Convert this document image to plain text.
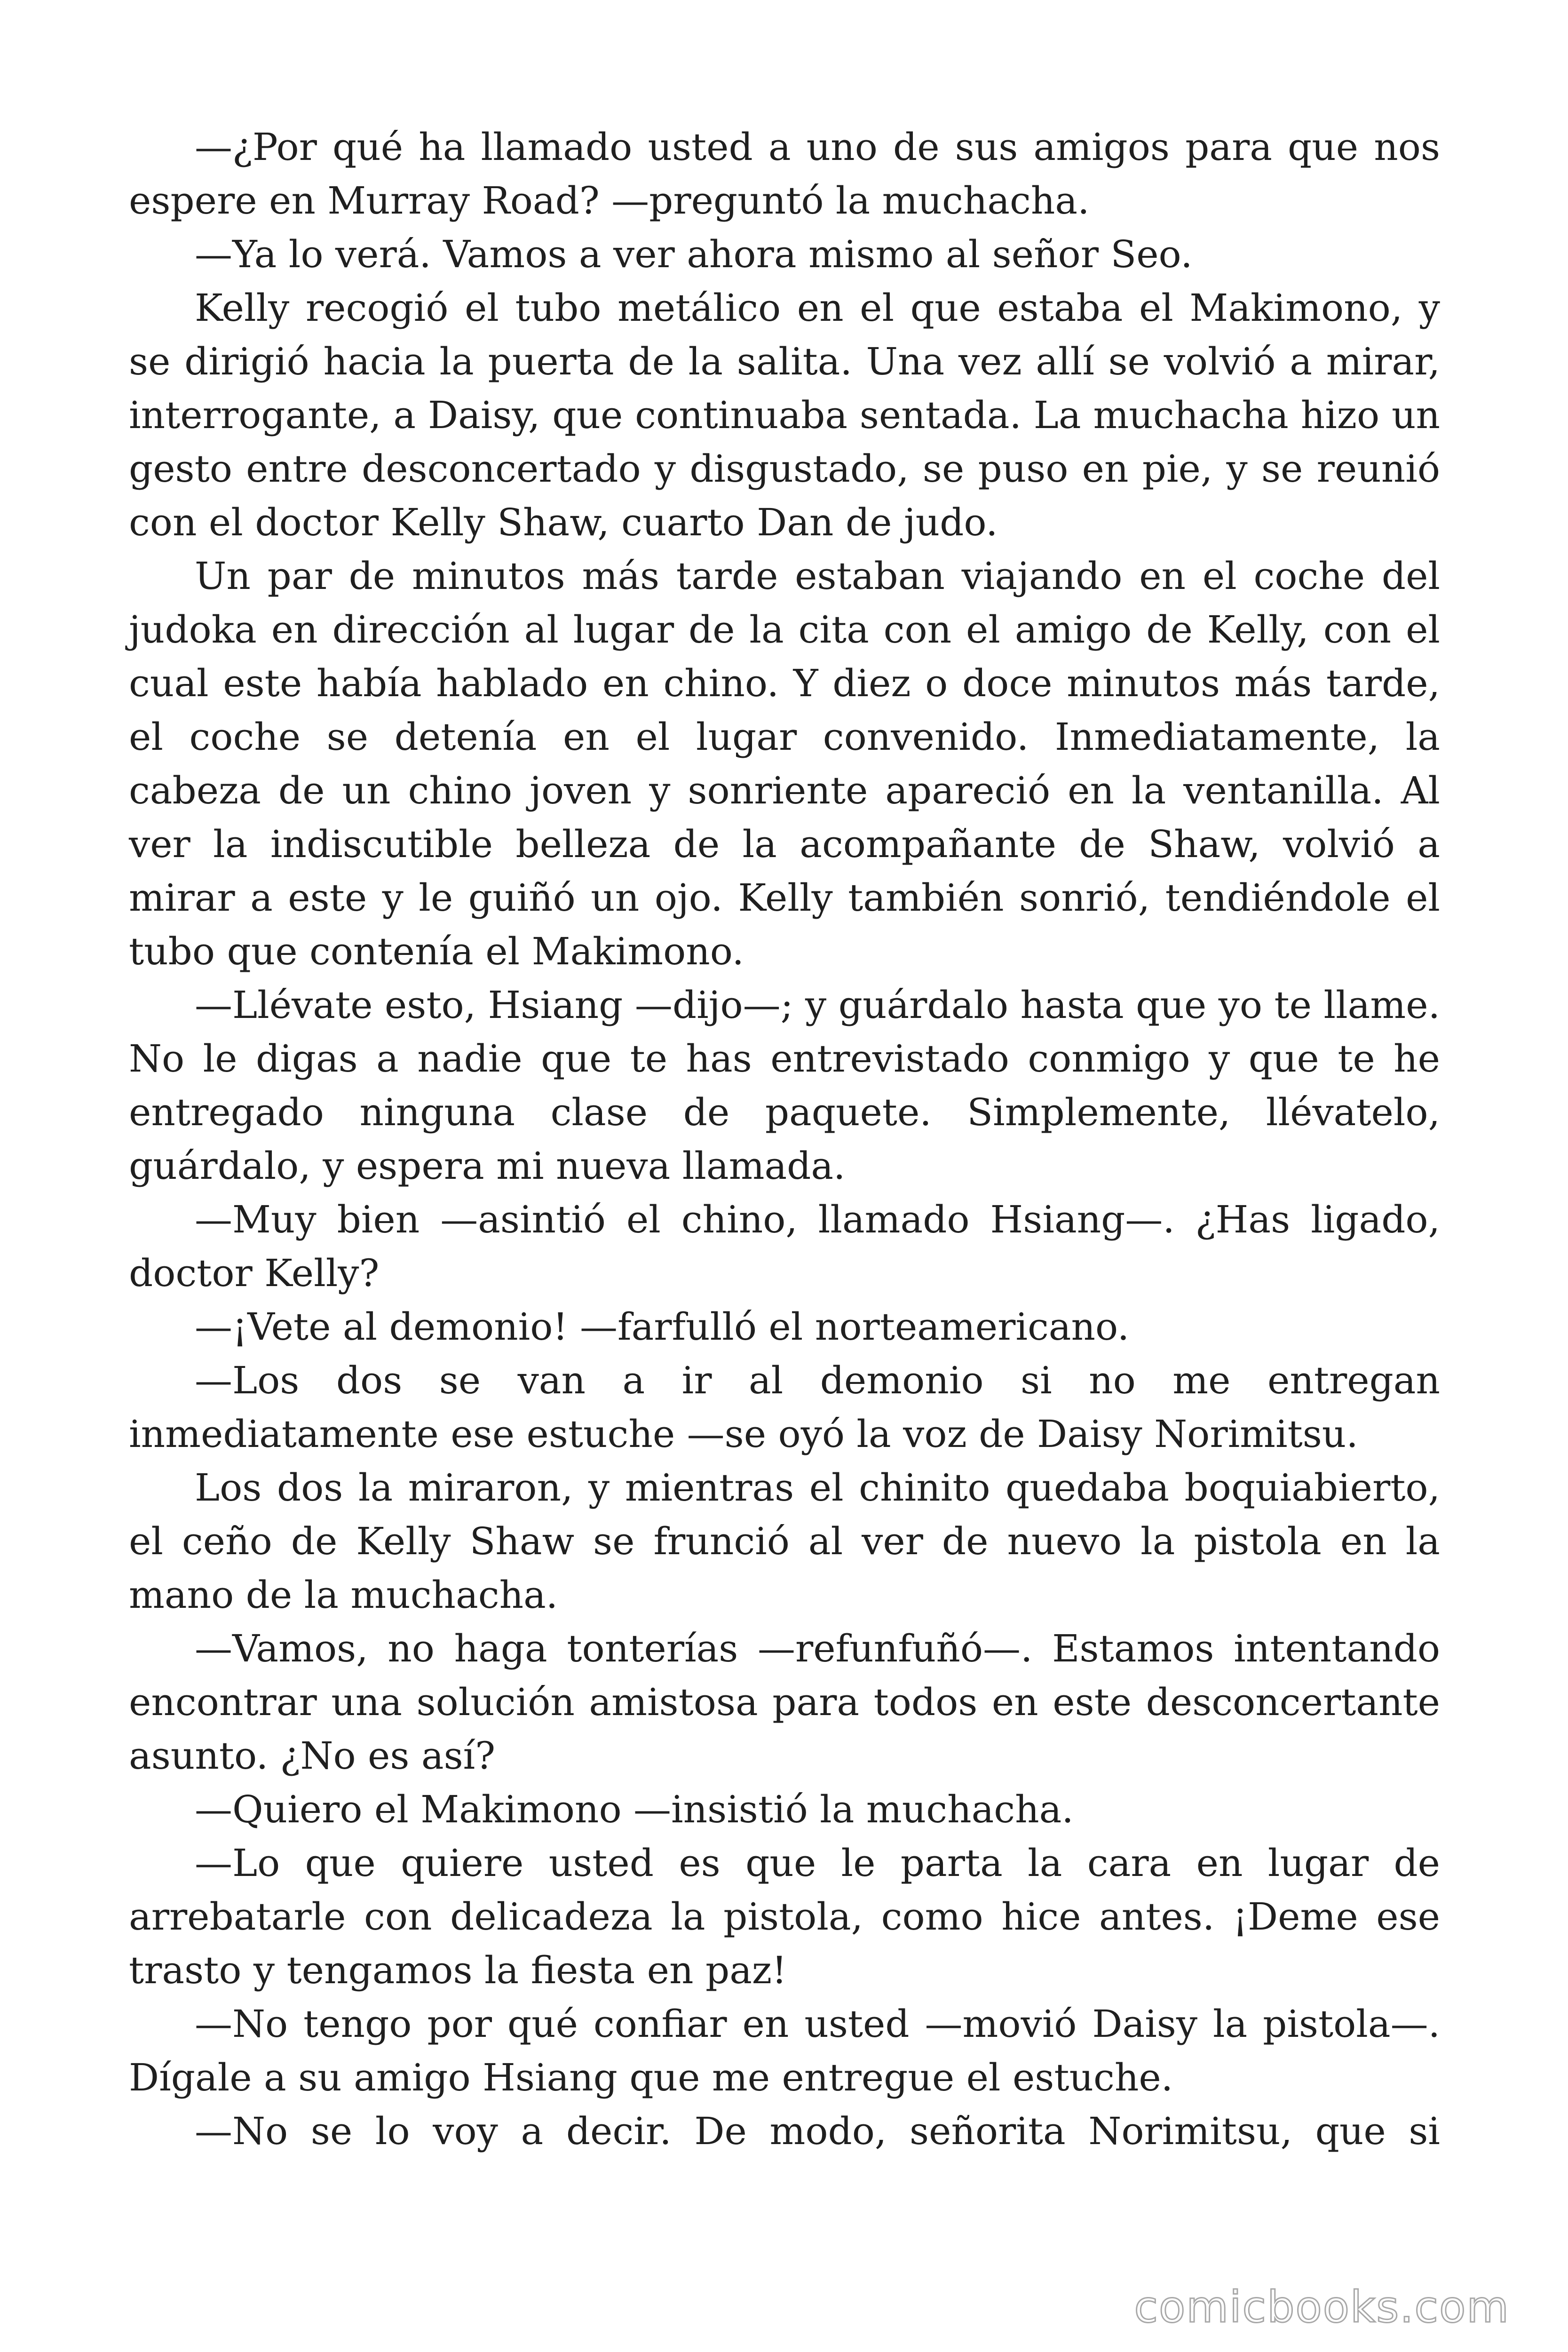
—¿Por qué ha llamado usted a uno de sus amigos para que nos espere en Murray Road? —preguntó la muchacha.

—Ya lo verá. Vamos a ver ahora mismo al señor Seo.

Kelly recogió el tubo metálico en el que estaba el Makimono, y se dirigió hacia la puerta de la salita. Una vez allí se volvió a mirar, interrogante, a Daisy, que continuaba sentada. La muchacha hizo un gesto entre desconcertado y disgustado, se puso en pie, y se reunió con el doctor Kelly Shaw, cuarto Dan de judo.

Un par de minutos más tarde estaban viajando en el coche del judoka en dirección al lugar de la cita con el amigo de Kelly, con el cual este había hablado en chino. Y diez o doce minutos más tarde, el coche se detenía en el lugar convenido. Inmediatamente, la cabeza de un chino joven y sonriente apareció en la ventanilla. Al ver la indiscutible belleza de la acompañante de Shaw, volvió a mirar a este y le guiñó un ojo. Kelly también sonrió, tendiéndole el tubo que contenía el Makimono.

—Llévate esto, Hsiang —dijo—; y guárdalo hasta que yo te llame. No le digas a nadie que te has entrevistado conmigo y que te he entregado ninguna clase de paquete. Simplemente, llévatelo, guárdalo, y espera mi nueva llamada.

—Muy bien —asintió el chino, llamado Hsiang—. ¿Has ligado, doctor Kelly?

—¡Vete al demonio! —farfulló el norteamericano.

—Los dos se van a ir al demonio si no me entregan inmediatamente ese estuche —se oyó la voz de Daisy Norimitsu.

Los dos la miraron, y mientras el chinito quedaba boquiabierto, el ceño de Kelly Shaw se frunció al ver de nuevo la pistola en la mano de la muchacha.

—Vamos, no haga tonterías —refunfuñó—. Estamos intentando encontrar una solución amistosa para todos en este desconcertante asunto. ¿No es así?

—Quiero el Makimono —insistió la muchacha.

—Lo que quiere usted es que le parta la cara en lugar de arrebatarle con delicadeza la pistola, como hice antes. ¡Deme ese trasto y tengamos la fiesta en paz!

—No tengo por qué confiar en usted —movió Daisy la pistola—. Dígale a su amigo Hsiang que me entregue el estuche.

—No se lo voy a decir. De modo, señorita Norimitsu, que si

comicbooks.com
